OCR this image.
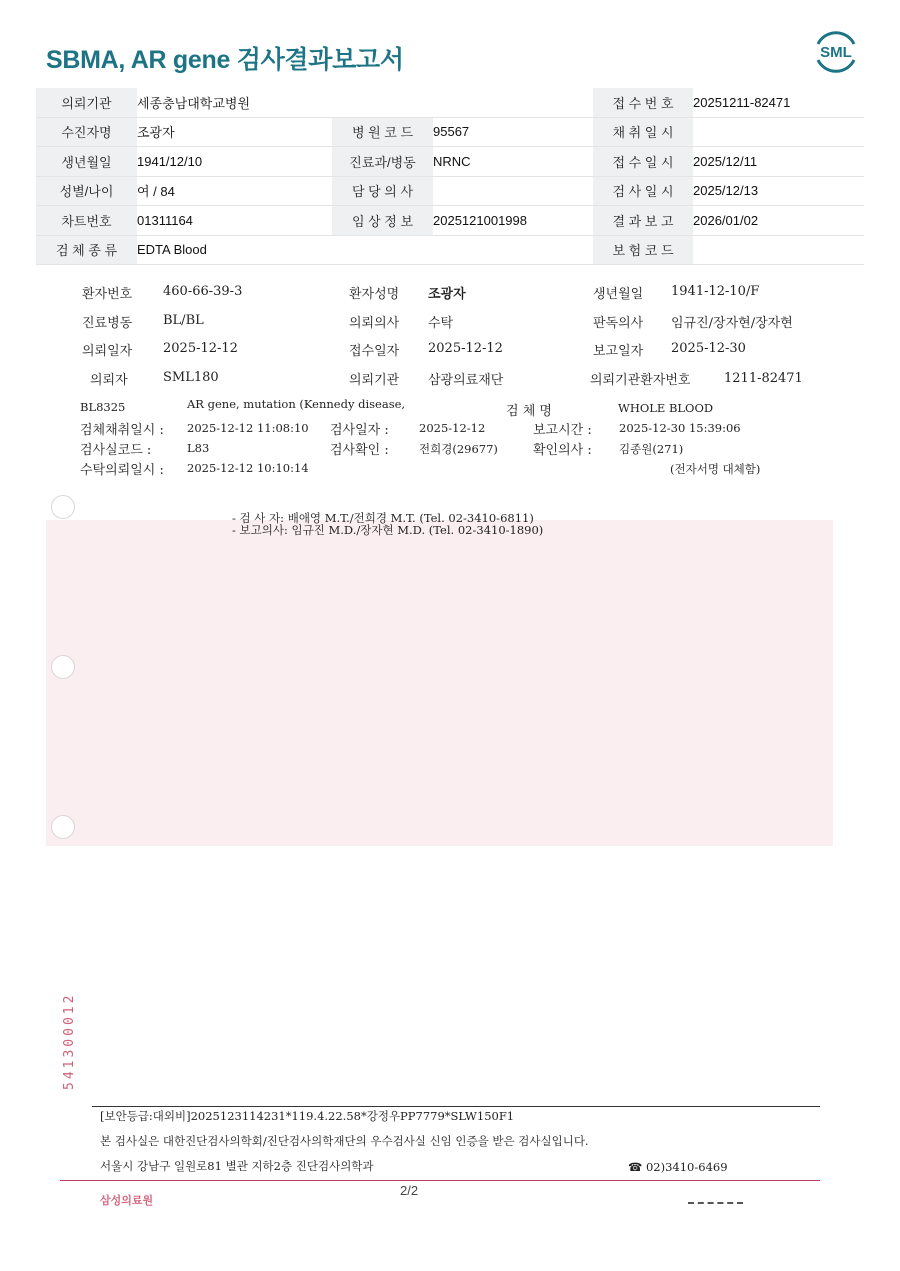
SBMA, AR gene 검사결과보고서	SML
의뢰기관	세종충남대학교병원			접 수 번 호	20251211-82471
수진자명	조광자	병 원 코 드	95567	채 취 일 시	
생년월일	1941/12/10	진료과/병동	NRNC	접 수 일 시	2025/12/11
성별/나이	여 / 84	담 당 의 사		검 사 일 시	2025/12/13
차트번호	01311164	임 상 정 보	2025121001998	결 과 보 고	2026/01/02
검 체 종 류	EDTA Blood			보 험 코 드	
환자번호 460-66-39-3	환자성명 조광자	생년월일 1941-12-10/F
진료병동 BL/BL	의뢰의사 수탁	판독의사 임규진/장자현/장자현
의뢰일자 2025-12-12	접수일자 2025-12-12	보고일자 2025-12-30
의뢰자	SML180	의뢰기관 삼광의료재단	의뢰기관환자번호	1211-82471
BL8325	AR gene, mutation (Kennedy disease,	검 체 명	WHOLE BLOOD
검체채취일시 : 2025-12-12 11:08:10 검사일자 :	2025-12-12	보고시간 : 2025-12-30 15:39:06
검사실코드 :	L83	검사확인 :	전희경(29677)	확인의사 : 김종원(271)
수탁의뢰일시 : 2025-12-12 10:10:14	(전자서명 대체함)
- 검 사 자: 배애영 M.T./전희경 M.T. (Tel. 02-3410-6811)
- 보고의사: 임규진 M.D./장자현 M.D. (Tel. 02-3410-1890)
541300012
[보안등급:대외비]2025123114231*119.4.22.58*강정우PP7779*SLW150F1
본 검사실은 대한진단검사의학회/진단검사의학재단의 우수검사실 신임 인증을 받은 검사실입니다.
서울시 강남구 일원로81 별관 지하2층 진단검사의학과	☎ 02)3410-6469
2/2
삼성의료원
